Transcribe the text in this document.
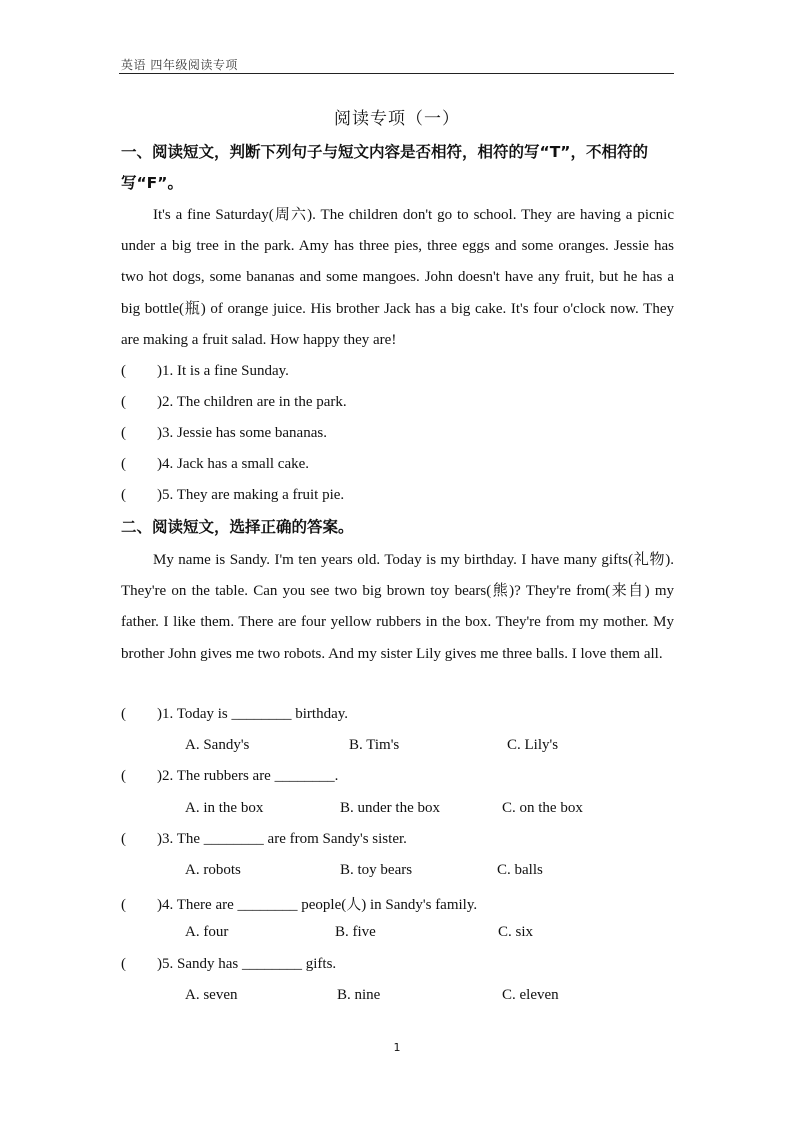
英语 四年级阅读专项
阅读专项（一）
一、阅读短文，判断下列句子与短文内容是否相符，相符的写“T”，不相符的写“F”。
It's a fine Saturday(周六). The children don't go to school. They are having a picnic under a big tree in the park. Amy has three pies, three eggs and some oranges. Jessie has two hot dogs, some bananas and some mangoes. John doesn't have any fruit, but he has a big bottle(瓶) of orange juice. His brother Jack has a big cake. It's four o'clock now. They are making a fruit salad. How happy they are!
( )1. It is a fine Sunday.
( )2. The children are in the park.
( )3. Jessie has some bananas.
( )4. Jack has a small cake.
( )5. They are making a fruit pie.
二、阅读短文，选择正确的答案。
My name is Sandy. I'm ten years old. Today is my birthday. I have many gifts(礼物). They're on the table. Can you see two big brown toy bears(熊)? They're from(来自) my father. I like them. There are four yellow rubbers in the box. They're from my mother. My brother John gives me two robots. And my sister Lily gives me three balls. I love them all.
( )1. Today is ________ birthday.
A. Sandy's	B. Tim's	C. Lily's
( )2. The rubbers are ________.
A. in the box	B. under the box	C. on the box
( )3. The ________ are from Sandy's sister.
A. robots	B. toy bears	C. balls
( )4. There are ________ people(人) in Sandy's family.
A. four	B. five	C. six
( )5. Sandy has ________ gifts.
A. seven	B. nine	C. eleven
1
